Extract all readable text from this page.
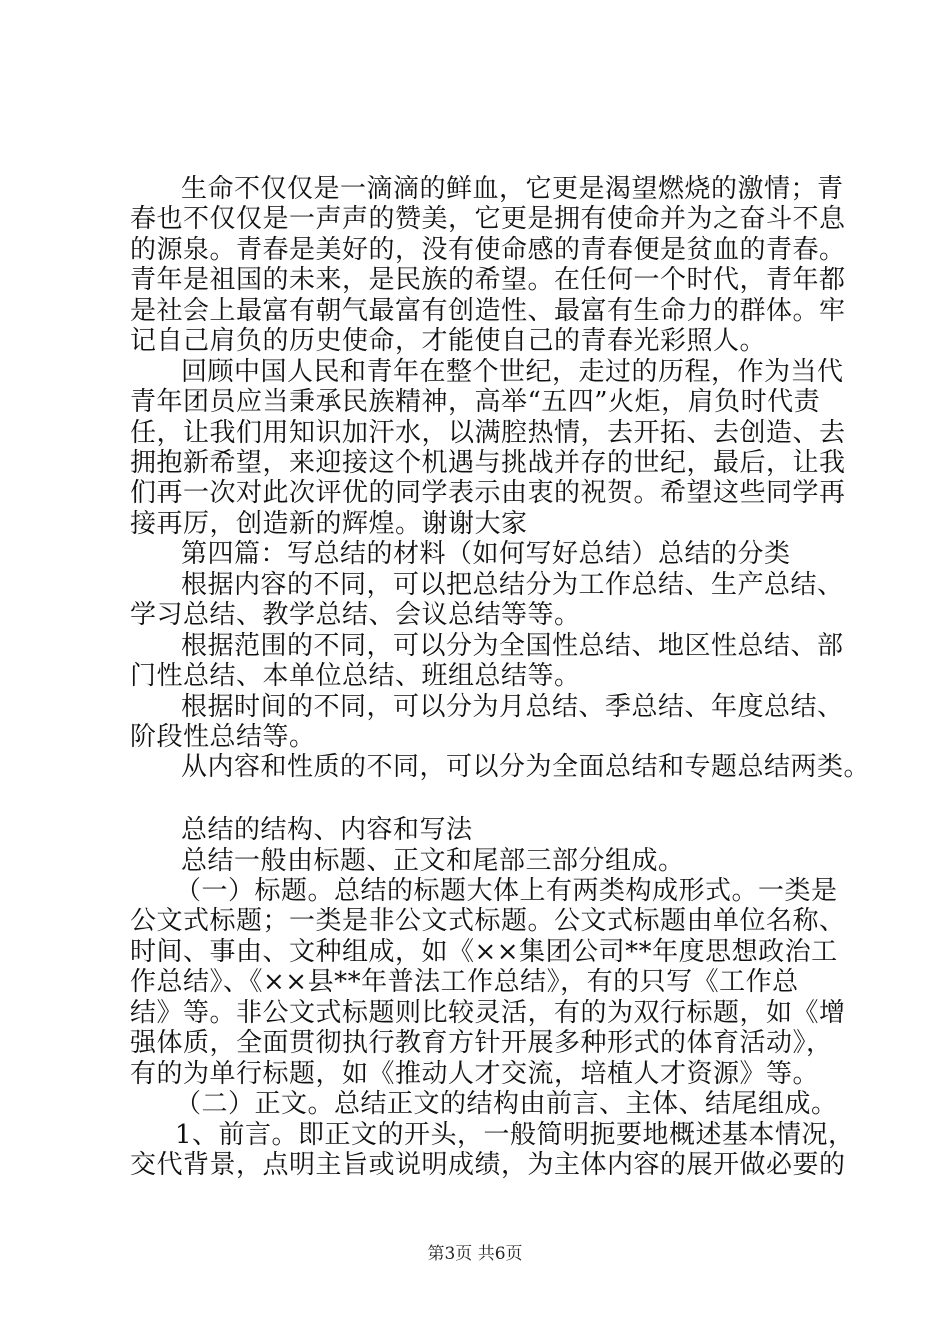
生命不仅仅是一滴滴的鲜血，它更是渴望燃烧的激情；青
春也不仅仅是一声声的赞美，它更是拥有使命并为之奋斗不息
的源泉。青春是美好的，没有使命感的青春便是贫血的青春。
青年是祖国的未来，是民族的希望。在任何一个时代，青年都
是社会上最富有朝气最富有创造性、最富有生命力的群体。牢
记自己肩负的历史使命，才能使自己的青春光彩照人。
回顾中国人民和青年在整个世纪，走过的历程，作为当代
青年团员应当秉承民族精神，高举“五四”火炬，肩负时代责
任，让我们用知识加汗水，以满腔热情，去开拓、去创造、去
拥抱新希望，来迎接这个机遇与挑战并存的世纪，最后，让我
们再一次对此次评优的同学表示由衷的祝贺。希望这些同学再
接再厉，创造新的辉煌。谢谢大家
第四篇：写总结的材料（如何写好总结）总结的分类
根据内容的不同，可以把总结分为工作总结、生产总结、
学习总结、教学总结、会议总结等等。
根据范围的不同，可以分为全国性总结、地区性总结、部
门性总结、本单位总结、班组总结等。
根据时间的不同，可以分为月总结、季总结、年度总结、
阶段性总结等。
从内容和性质的不同，可以分为全面总结和专题总结两类。
总结的结构、内容和写法
总结一般由标题、正文和尾部三部分组成。
（一）标题。总结的标题大体上有两类构成形式。一类是
公文式标题；一类是非公文式标题。公文式标题由单位名称、
时间、事由、文种组成，如《××集团公司**年度思想政治工
作总结》、《××县**年普法工作总结》，有的只写《工作总
结》等。非公文式标题则比较灵活，有的为双行标题，如《增
强体质，全面贯彻执行教育方针开展多种形式的体育活动》，
有的为单行标题，如《推动人才交流，培植人才资源》等。
（二）正文。总结正文的结构由前言、主体、结尾组成。
1、前言。即正文的开头，一般简明扼要地概述基本情况，
交代背景，点明主旨或说明成绩，为主体内容的展开做必要的
第3页 共6页
